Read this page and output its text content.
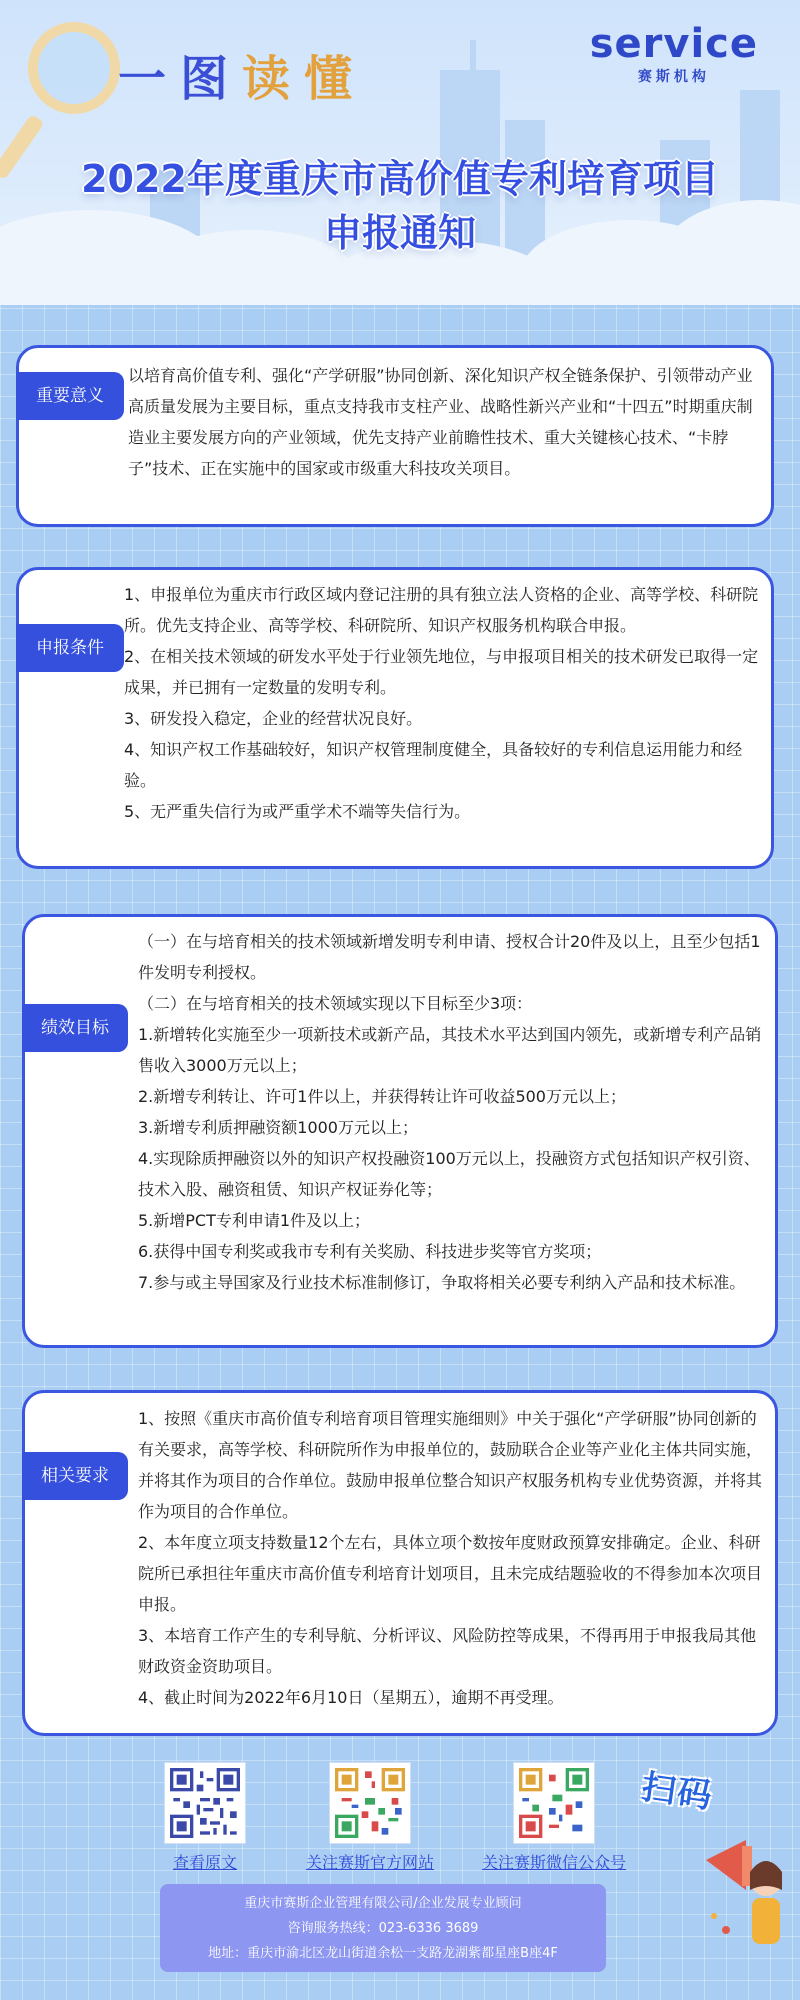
一图读懂
service
赛斯机构
2022年度重庆市高价值专利培育项目
申报通知
重要意义

以培育高价值专利、强化“产学研服”协同创新、深化知识产权全链条保护、引领带动产业高质量发展为主要目标，重点支持我市支柱产业、战略性新兴产业和“十四五”时期重庆制造业主要发展方向的产业领域，优先支持产业前瞻性技术、重大关键核心技术、“卡脖子”技术、正在实施中的国家或市级重大科技攻关项目。

申报条件

1、申报单位为重庆市行政区域内登记注册的具有独立法人资格的企业、高等学校、科研院所。优先支持企业、高等学校、科研院所、知识产权服务机构联合申报。

2、在相关技术领域的研发水平处于行业领先地位，与申报项目相关的技术研发已取得一定成果，并已拥有一定数量的发明专利。

3、研发投入稳定，企业的经营状况良好。

4、知识产权工作基础较好，知识产权管理制度健全，具备较好的专利信息运用能力和经验。

5、无严重失信行为或严重学术不端等失信行为。

绩效目标

（一）在与培育相关的技术领域新增发明专利申请、授权合计20件及以上，且至少包括1件发明专利授权。

（二）在与培育相关的技术领域实现以下目标至少3项：

1.新增转化实施至少一项新技术或新产品，其技术水平达到国内领先，或新增专利产品销售收入3000万元以上；

2.新增专利转让、许可1件以上，并获得转让许可收益500万元以上；

3.新增专利质押融资额1000万元以上；

4.实现除质押融资以外的知识产权投融资100万元以上，投融资方式包括知识产权引资、技术入股、融资租赁、知识产权证券化等；

5.新增PCT专利申请1件及以上；

6.获得中国专利奖或我市专利有关奖励、科技进步奖等官方奖项；

7.参与或主导国家及行业技术标准制修订，争取将相关必要专利纳入产品和技术标准。

相关要求

1、按照《重庆市高价值专利培育项目管理实施细则》中关于强化“产学研服”协同创新的有关要求，高等学校、科研院所作为申报单位的，鼓励联合企业等产业化主体共同实施，并将其作为项目的合作单位。鼓励申报单位整合知识产权服务机构专业优势资源，并将其作为项目的合作单位。

2、本年度立项支持数量12个左右，具体立项个数按年度财政预算安排确定。企业、科研院所已承担往年重庆市高价值专利培育计划项目，且未完成结题验收的不得参加本次项目申报。

3、本培育工作产生的专利导航、分析评议、风险防控等成果，不得再用于申报我局其他财政资金资助项目。

4、截止时间为2022年6月10日（星期五），逾期不再受理。

查看原文	关注赛斯官方网站	关注赛斯微信公众号
扫码
重庆市赛斯企业管理有限公司/企业发展专业顾问
咨询服务热线：023-6336 3689
地址：重庆市渝北区龙山街道余松一支路龙湖紫都星座B座4F
